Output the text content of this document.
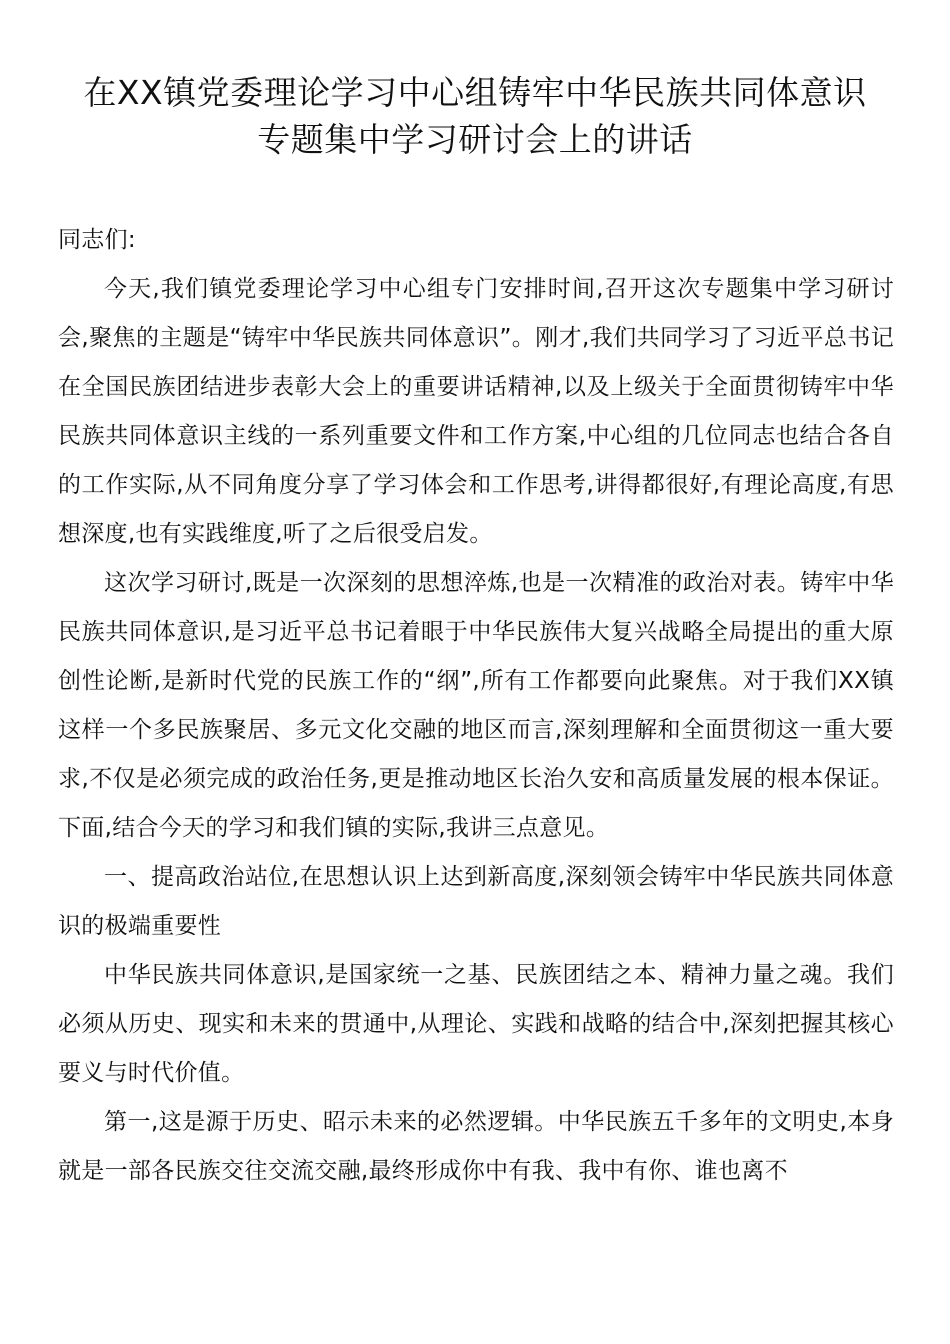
在XX镇党委理论学习中心组铸牢中华民族共同体意识
专题集中学习研讨会上的讲话

同志们:

今天,我们镇党委理论学习中心组专门安排时间,召开这次专题集中学习研讨会,聚焦的主题是“铸牢中华民族共同体意识”。刚才,我们共同学习了习近平总书记在全国民族团结进步表彰大会上的重要讲话精神,以及上级关于全面贯彻铸牢中华民族共同体意识主线的一系列重要文件和工作方案,中心组的几位同志也结合各自的工作实际,从不同角度分享了学习体会和工作思考,讲得都很好,有理论高度,有思想深度,也有实践维度,听了之后很受启发。

这次学习研讨,既是一次深刻的思想淬炼,也是一次精准的政治对表。铸牢中华民族共同体意识,是习近平总书记着眼于中华民族伟大复兴战略全局提出的重大原创性论断,是新时代党的民族工作的“纲”,所有工作都要向此聚焦。对于我们XX镇这样一个多民族聚居、多元文化交融的地区而言,深刻理解和全面贯彻这一重大要求,不仅是必须完成的政治任务,更是推动地区长治久安和高质量发展的根本保证。下面,结合今天的学习和我们镇的实际,我讲三点意见。

一、提高政治站位,在思想认识上达到新高度,深刻领会铸牢中华民族共同体意识的极端重要性

中华民族共同体意识,是国家统一之基、民族团结之本、精神力量之魂。我们必须从历史、现实和未来的贯通中,从理论、实践和战略的结合中,深刻把握其核心要义与时代价值。

第一,这是源于历史、昭示未来的必然逻辑。中华民族五千多年的文明史,本身就是一部各民族交往交流交融,最终形成你中有我、我中有你、谁也离不
